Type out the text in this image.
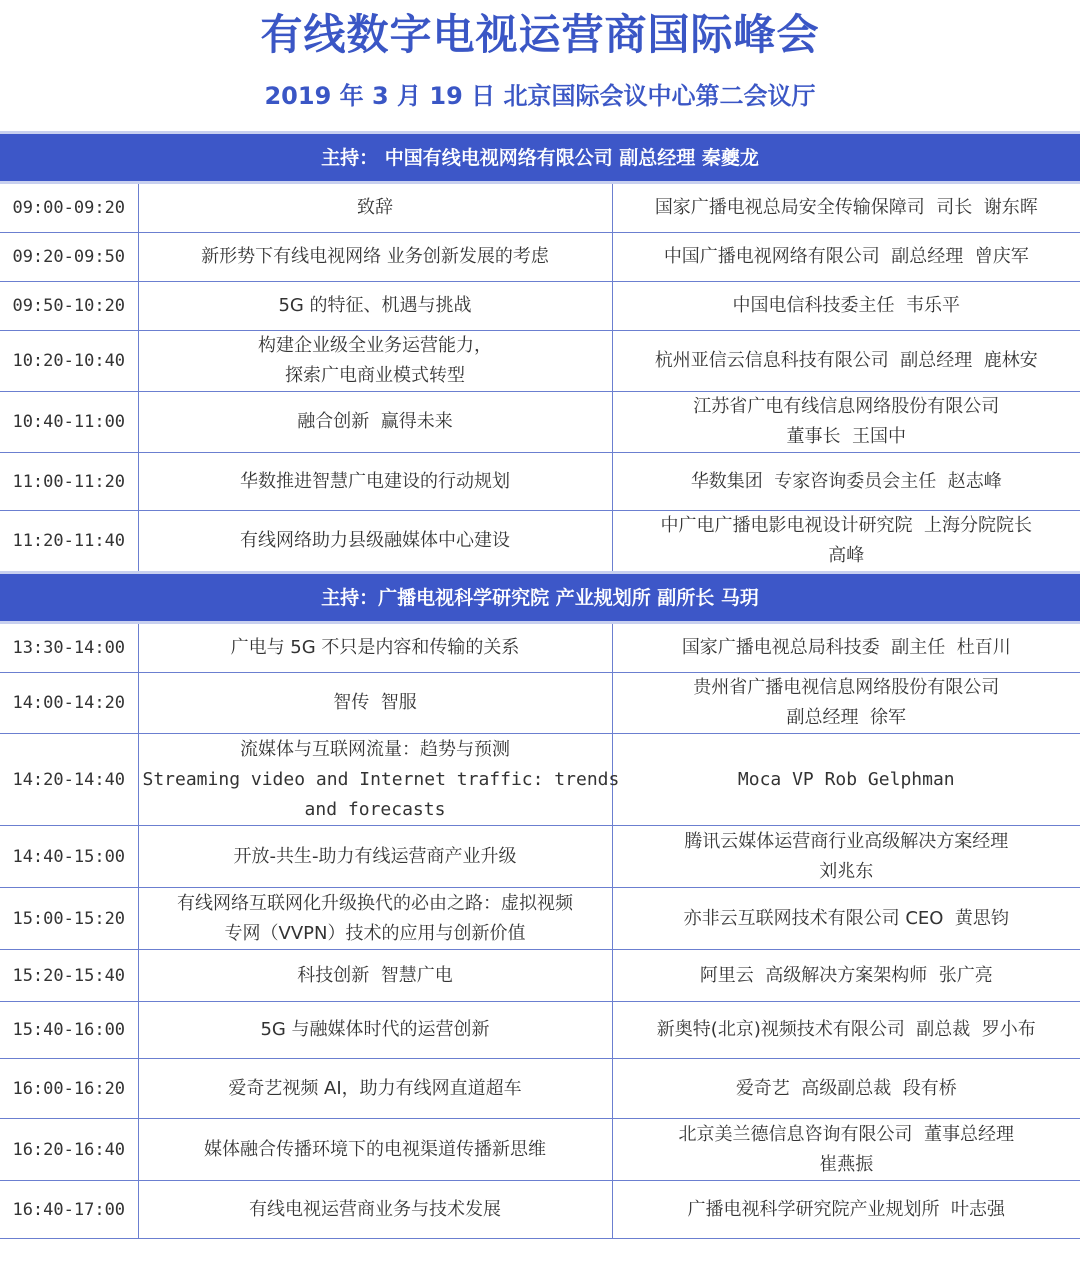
有线数字电视运营商国际峰会
2019 年 3 月 19 日 北京国际会议中心第二会议厅
主持： 中国有线电视网络有限公司 副总经理 秦夔龙		
09:00-09:20	致辞	国家广播电视总局安全传输保障司  司长  谢东晖

09:20-09:50	新形势下有线电视网络 业务创新发展的考虑	中国广播电视网络有限公司  副总经理  曾庆军

09:50-10:20	5G 的特征、机遇与挑战	中国电信科技委主任  韦乐平

10:20-10:40	构建企业级全业务运营能力，
探索广电商业模式转型	杭州亚信云信息科技有限公司  副总经理  鹿林安

10:40-11:00	融合创新  赢得未来	江苏省广电有线信息网络股份有限公司
董事长  王国中

11:00-11:20	华数推进智慧广电建设的行动规划	华数集团  专家咨询委员会主任  赵志峰

11:20-11:40	有线网络助力县级融媒体中心建设	中广电广播电影电视设计研究院  上海分院院长
高峰

主持：广播电视科学研究院 产业规划所 副所长 马玥		
13:30-14:00	广电与 5G 不只是内容和传输的关系	国家广播电视总局科技委  副主任  杜百川

14:00-14:20	智传  智服	贵州省广播电视信息网络股份有限公司
副总经理  徐军

14:20-14:40	流媒体与互联网流量：趋势与预测
Streaming video and Internet traffic: trends
and forecasts	Moca VP Rob Gelphman

14:40-15:00	开放-共生-助力有线运营商产业升级	腾讯云媒体运营商行业高级解决方案经理
刘兆东

15:00-15:20	有线网络互联网化升级换代的必由之路：虚拟视频
专网（VVPN）技术的应用与创新价值	亦非云互联网技术有限公司 CEO  黄思钧

15:20-15:40	科技创新  智慧广电	阿里云  高级解决方案架构师  张广亮

15:40-16:00	5G 与融媒体时代的运营创新	新奥特(北京)视频技术有限公司  副总裁  罗小布

16:00-16:20	爱奇艺视频 AI，助力有线网直道超车	爱奇艺  高级副总裁  段有桥

16:20-16:40	媒体融合传播环境下的电视渠道传播新思维	北京美兰德信息咨询有限公司  董事总经理
崔燕振

16:40-17:00	有线电视运营商业务与技术发展	广播电视科学研究院产业规划所  叶志强
